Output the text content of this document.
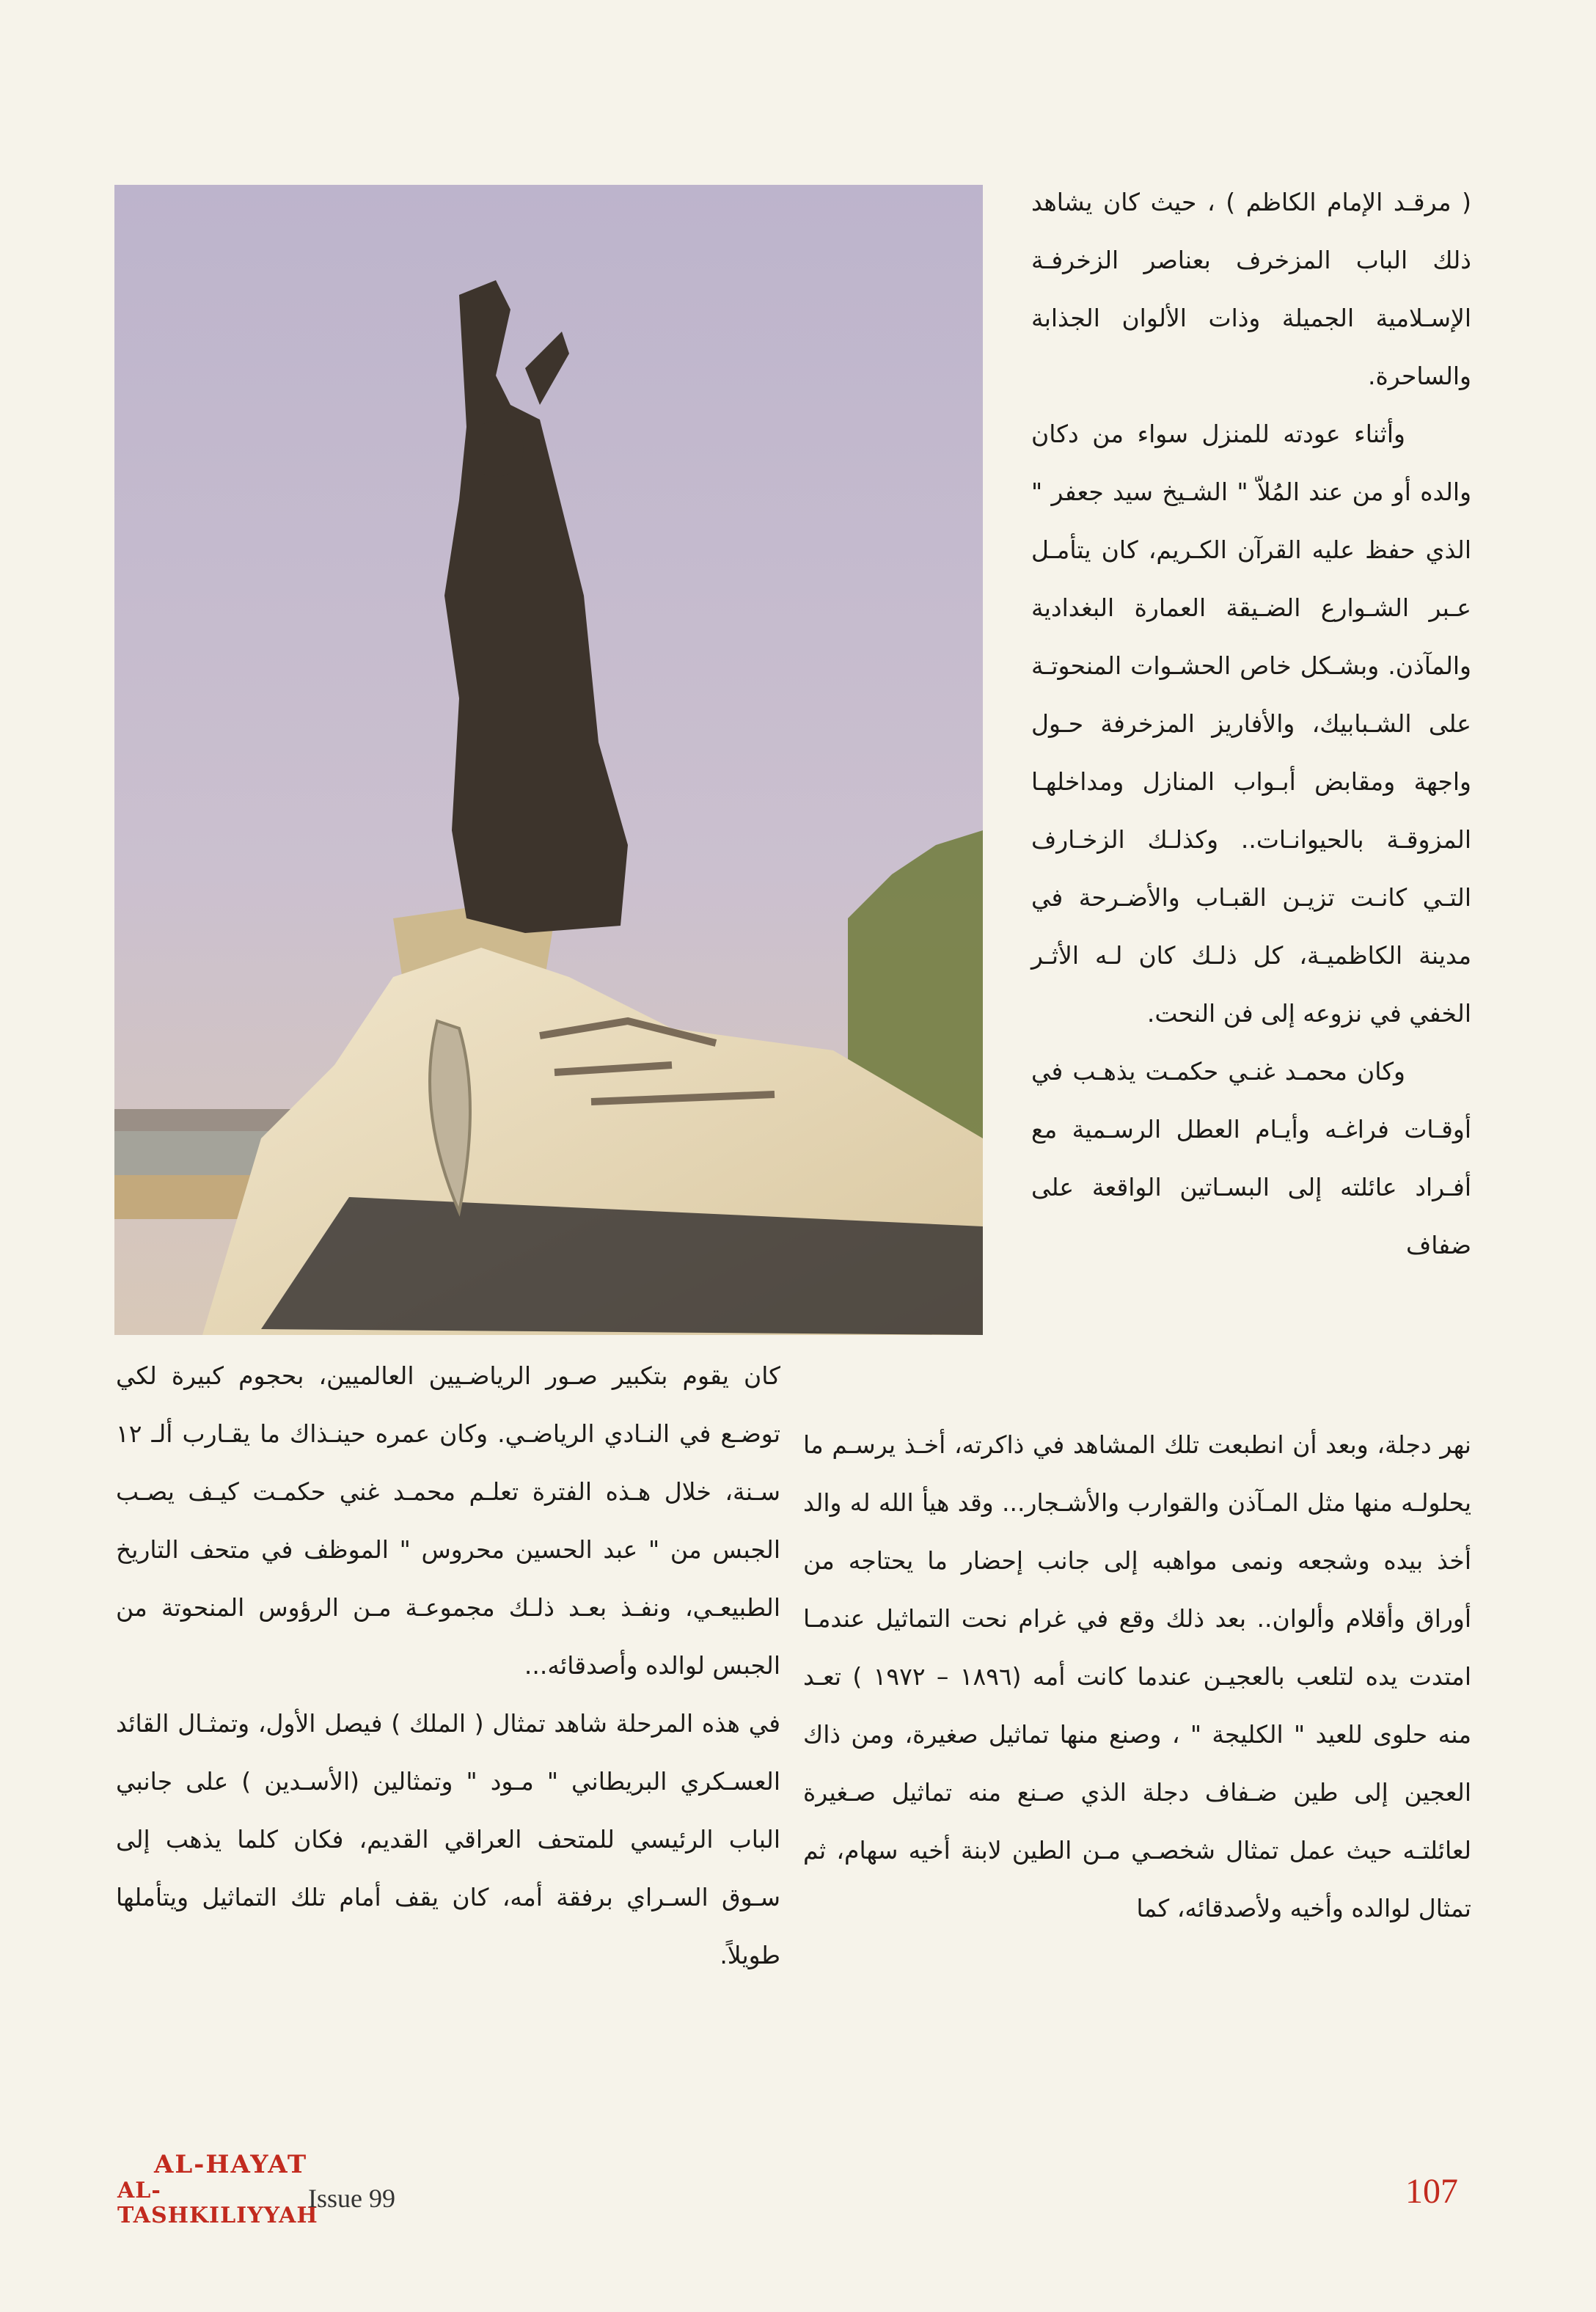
( مرقـد الإمام الكاظم ) ، حيث كان يشاهد ذلك الباب المزخرف بعناصر الزخرفـة الإسـلامية الجميلة وذات الألوان الجذابة والساحرة.

وأثناء عودته للمنزل سواء من دكان والده أو من عند المُلاّ " الشـيخ سيد جعفر " الذي حفظ عليه القرآن الكـريم، كان يتأمـل عـبر الشـوارع الضـيقة العمارة البغدادية والمآذن. وبشـكل خاص الحشـوات المنحوتـة على الشـبابيك، والأفاريز المزخرفة حـول واجهة ومقابض أبـواب المنازل ومداخلهـا المزوقـة بالحيوانـات.. وكذلـك الزخـارف التـي كانـت تزيـن القبـاب والأضـرحة في مدينة الكاظميـة، كل ذلـك كان لـه الأثـر الخفي في نزوعه إلى فن النحت.

وكان محمـد غنـي حكمـت يذهـب في أوقـات فراغـه وأيـام العطل الرسـمية مع أفـراد عائلته إلى البسـاتين الواقعة على ضفاف

نهر دجلة، وبعد أن انطبعت تلك المشاهد في ذاكرته، أخـذ يرسـم ما يحلولـه منها مثل المـآذن والقوارب والأشـجار... وقد هيأ الله له والد أخذ بيده وشجعه ونمى مواهبه إلى جانب إحضار ما يحتاجه من أوراق وأقلام وألوان.. بعد ذلك وقع في غرام نحت التماثيل عندمـا امتدت يده لتلعب بالعجيـن عندما كانت أمه (١٨٩٦ – ١٩٧٢ ) تعـد منه حلوى للعيد " الكليجة " ، وصنع منها تماثيل صغيرة، ومن ذاك العجين إلى طين ضـفاف دجلة الذي صـنع منه تماثيل صـغيرة لعائلتـه حيث عمل تمثال شخصـي مـن الطين لابنة أخيه سهام، ثم تمثال لوالده وأخيه ولأصدقائه، كما

كان يقوم بتكبير صـور الرياضـيين العالميين، بحجوم كبيرة لكي توضـع في النـادي الرياضـي. وكان عمره حينـذاك ما يقـارب ألـ ١٢ سـنة، خلال هـذه الفترة تعلـم محمـد غني حكمـت كيـف يصـب الجبس من " عبد الحسين محروس " الموظف في متحف التاريخ الطبيعـي، ونفـذ بعـد ذلـك مجموعـة مـن الرؤوس المنحوتة من الجبس لوالده وأصدقائه...

في هذه المرحلة شاهد تمثال ( الملك ) فيصل الأول، وتمثـال القائد العسـكري البريطاني " مـود " وتمثالين (الأسـدين ) على جانبي الباب الرئيسي للمتحف العراقي القديم، فكان كلما يذهب إلى سـوق السـراي برفقة أمه، كان يقف أمام تلك التماثيل ويتأملها طويلاً.

AL-HAYAT
AL-TASHKILIYYAH
Issue 99	107
